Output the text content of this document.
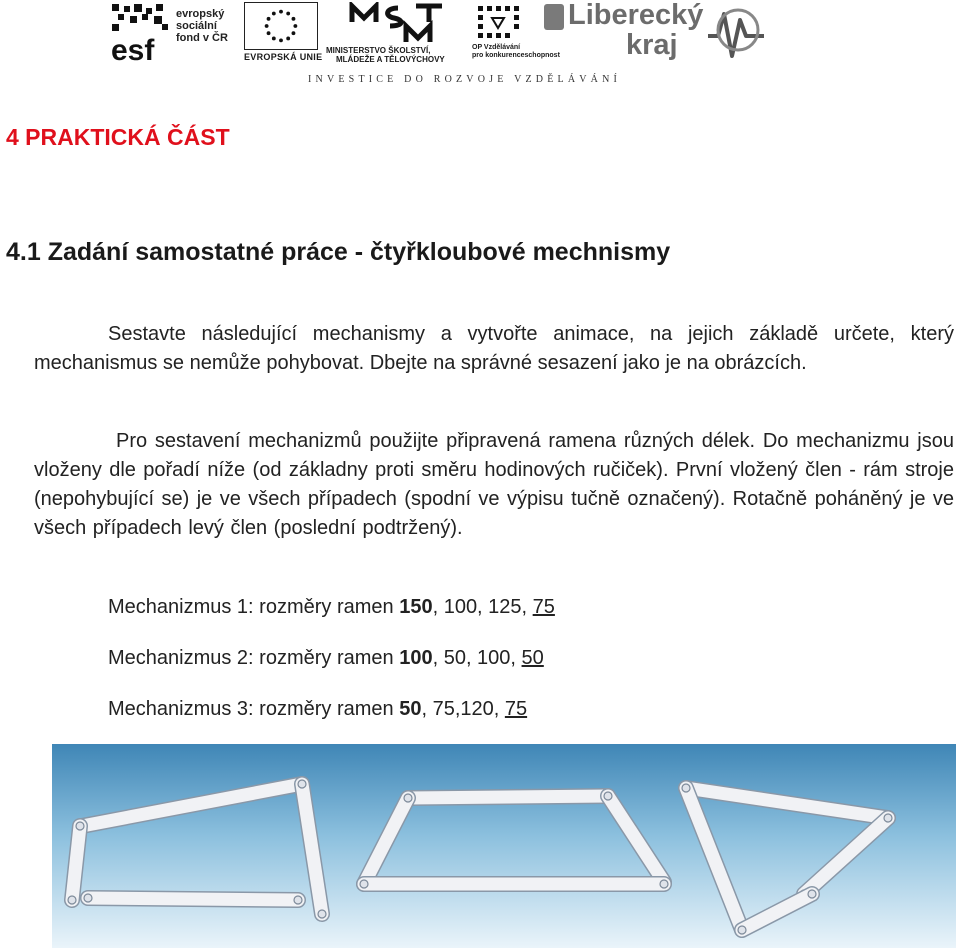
esf
evropský
sociální
fond v ČR
EVROPSKÁ UNIE
MINISTERSTVO ŠKOLSTVÍ,
MLÁDEŽE A TĚLOVÝCHOVY
OP Vzdělávání
pro konkurenceschopnost
Liberecký
kraj
INVESTICE DO ROZVOJE VZDĚLÁVÁNÍ
4 PRAKTICKÁ ČÁST
4.1 Zadání samostatné práce - čtyřkloubové mechnismy
Sestavte následující mechanismy a vytvořte animace, na jejich základě určete, který mechanismus se nemůže pohybovat. Dbejte na správné sesazení jako je na obrázcích.
Pro sestavení mechanizmů použijte připravená ramena různých délek. Do mechanizmu jsou vloženy dle pořadí níže (od základny proti směru hodinových ručiček). První vložený člen - rám stroje (nepohybující se) je ve všech případech (spodní ve výpisu tučně označený). Rotačně poháněný je ve všech případech levý člen (poslední podtržený).
Mechanizmus 1: rozměry ramen 150, 100, 125, 75
Mechanizmus 2: rozměry ramen 100, 50, 100, 50
Mechanizmus 3: rozměry ramen 50, 75,120, 75
